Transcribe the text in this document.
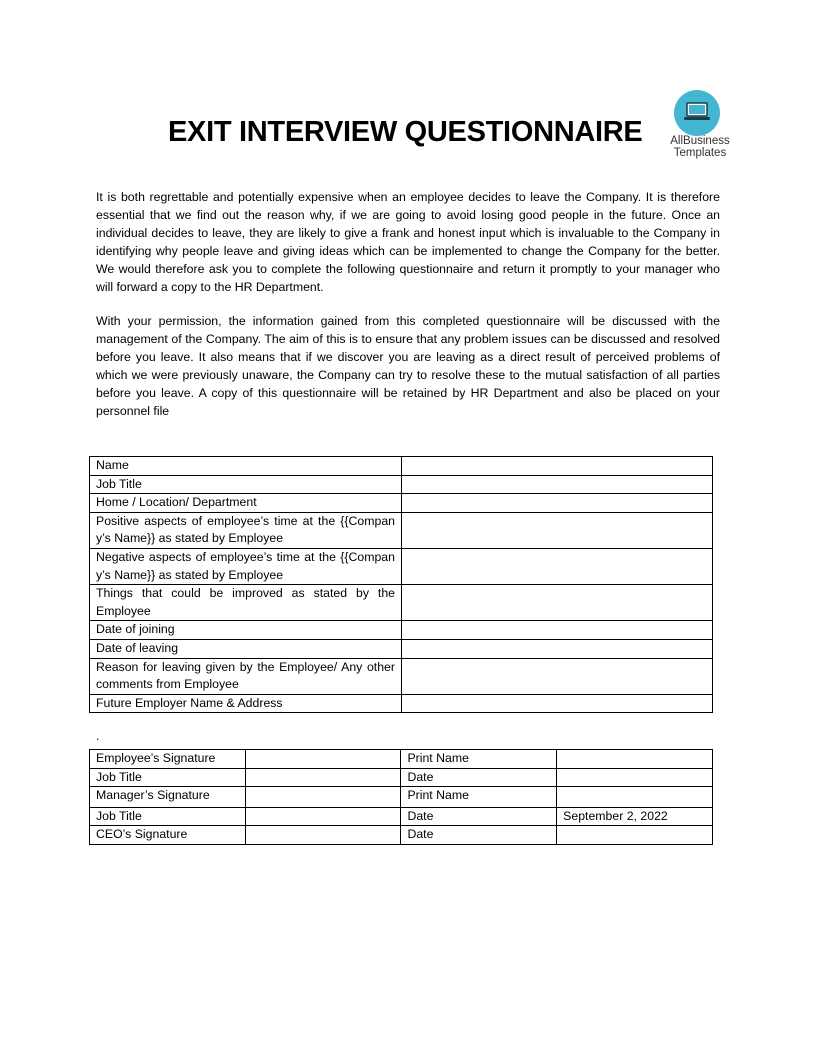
EXIT INTERVIEW QUESTIONNAIRE	AllBusiness
Templates

It is both regrettable and potentially expensive when an employee decides to leave the Company. It is therefore essential that we find out the reason why, if we are going to avoid losing good people in the future. Once an individual decides to leave, they are likely to give a frank and honest input which is invaluable to the Company in identifying why people leave and giving ideas which can be implemented to change the Company for the better. We would therefore ask you to complete the following questionnaire and return it promptly to your manager who will forward a copy to the HR Department.

With your permission, the information gained from this completed questionnaire will be discussed with the management of the Company. The aim of this is to ensure that any problem issues can be discussed and resolved before you leave. It also means that if we discover you are leaving as a direct result of perceived problems of which we were previously unaware, the Company can try to resolve these to the mutual satisfaction of all parties before you leave. A copy of this questionnaire will be retained by HR Department and also be placed on your personnel file

Name	
Job Title	
Home / Location/ Department	
Positive aspects of employee’s time at the {{Company’s Name}} as stated by Employee	
Negative aspects of employee’s time at the {{Company’s Name}} as stated by Employee	
Things that could be improved as stated by the Employee	
Date of joining	
Date of leaving	
Reason for leaving given by the Employee/ Any other comments from Employee	
Future Employer Name & Address	
.
Employee’s Signature		Print Name	
Job Title		Date	
Manager’s Signature		Print Name	
Job Title		Date	September 2, 2022
CEO’s Signature		Date	
